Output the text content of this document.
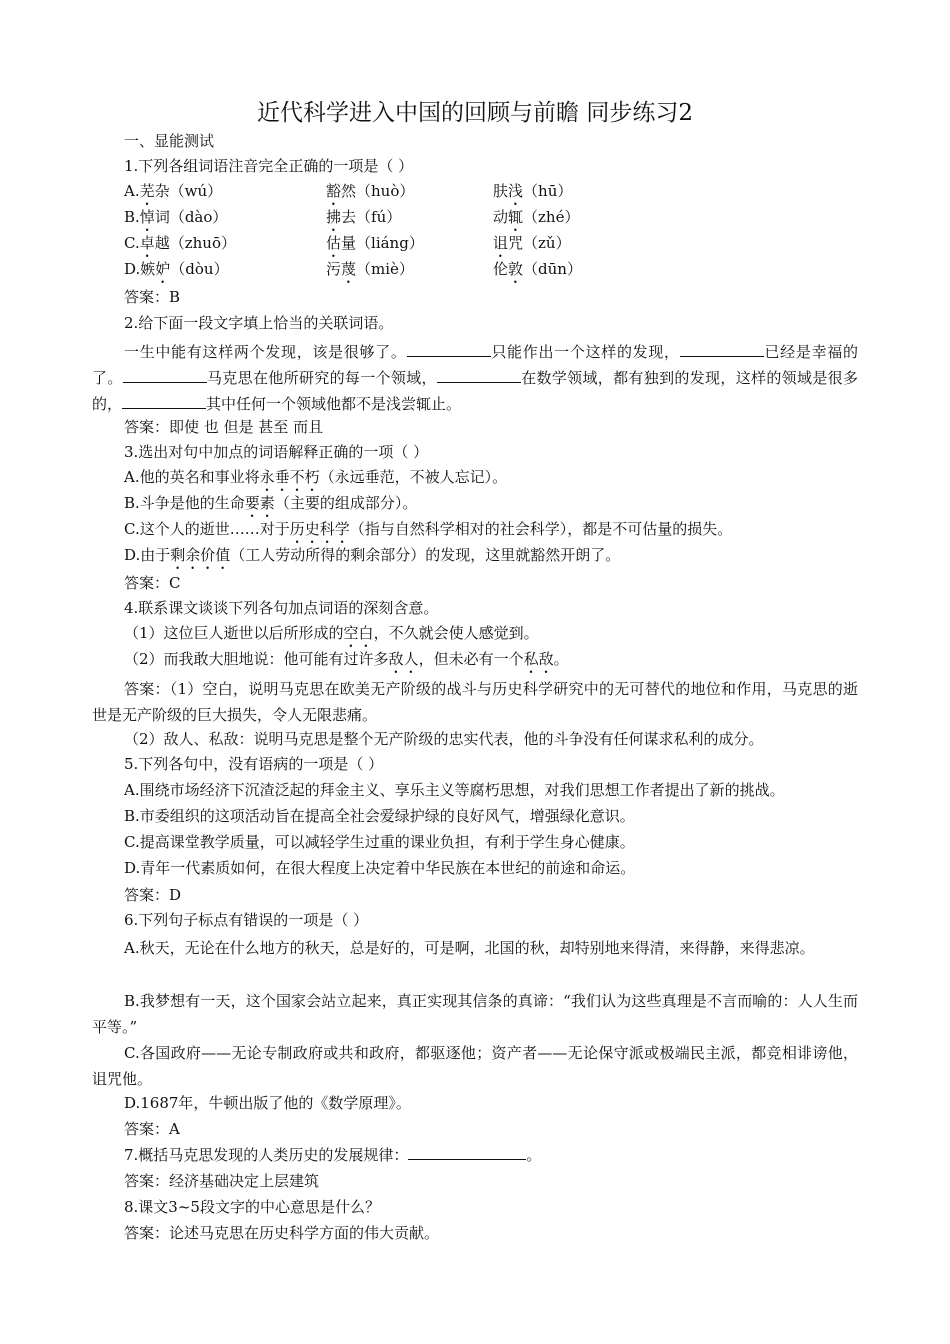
近代科学进入中国的回顾与前瞻 同步练习2
一、显能测试
1.下列各组词语注音完全正确的一项是（ ）
A.芜杂（wú）	豁然（huò）	肤浅（hū）
B.悼词（dào）	拂去（fú）	动辄（zhé）
C.卓越（zhuō）	估量（liáng）	诅咒（zǔ）
D.嫉妒（dòu）	污蔑（miè）	伦敦（dūn）
答案：B
2.给下面一段文字填上恰当的关联词语。
一生中能有这样两个发现，该是很够了。	只能作出一个这样的发现，	已经是幸福的了。	马克思在他所研究的每一个领域，	在数学领域，都有独到的发现，这样的领域是很多的，	其中任何一个领域他都不是浅尝辄止。
答案：即使 也 但是 甚至 而且
3.选出对句中加点的词语解释正确的一项（ ）
A.他的英名和事业将永垂不朽（永远垂范，不被人忘记）。
B.斗争是他的生命要素（主要的组成部分）。
C.这个人的逝世……对于历史科学（指与自然科学相对的社会科学），都是不可估量的损失。
D.由于剩余价值（工人劳动所得的剩余部分）的发现，这里就豁然开朗了。
答案：C
4.联系课文谈谈下列各句加点词语的深刻含意。
（1）这位巨人逝世以后所形成的空白，不久就会使人感觉到。
（2）而我敢大胆地说：他可能有过许多敌人，但未必有一个私敌。
答案：（1）空白，说明马克思在欧美无产阶级的战斗与历史科学研究中的无可替代的地位和作用，马克思的逝世是无产阶级的巨大损失，令人无限悲痛。
（2）敌人、私敌：说明马克思是整个无产阶级的忠实代表，他的斗争没有任何谋求私利的成分。
5.下列各句中，没有语病的一项是（ ）
A.围绕市场经济下沉渣泛起的拜金主义、享乐主义等腐朽思想，对我们思想工作者提出了新的挑战。
B.市委组织的这项活动旨在提高全社会爱绿护绿的良好风气，增强绿化意识。
C.提高课堂教学质量，可以减轻学生过重的课业负担，有利于学生身心健康。
D.青年一代素质如何，在很大程度上决定着中华民族在本世纪的前途和命运。
答案：D
6.下列句子标点有错误的一项是（ ）
A.秋天，无论在什么地方的秋天，总是好的，可是啊，北国的秋，却特别地来得清，来得静，来得悲凉。
B.我梦想有一天，这个国家会站立起来，真正实现其信条的真谛：“我们认为这些真理是不言而喻的：人人生而平等。”
C.各国政府——无论专制政府或共和政府，都驱逐他；资产者——无论保守派或极端民主派，都竞相诽谤他，诅咒他。
D.1687年，牛顿出版了他的《数学原理》。
答案：A
7.概括马克思发现的人类历史的发展规律：	。
答案：经济基础决定上层建筑
8.课文3~5段文字的中心意思是什么？
答案：论述马克思在历史科学方面的伟大贡献。
